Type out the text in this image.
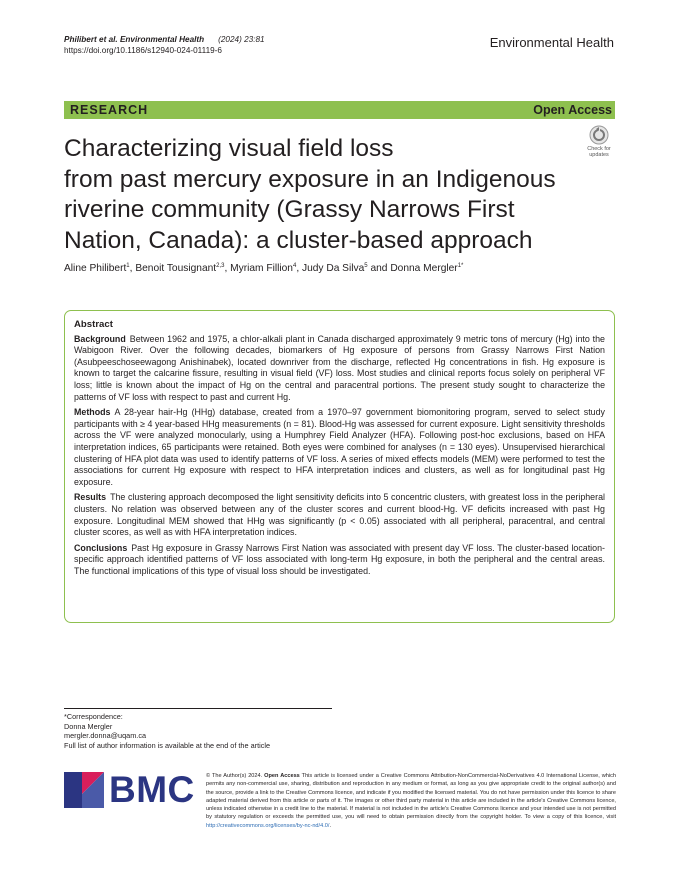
Philibert et al. Environmental Health (2024) 23:81
https://doi.org/10.1186/s12940-024-01119-6
Environmental Health
RESEARCH	Open Access
Characterizing visual field loss
from past mercury exposure in an Indigenous
riverine community (Grassy Narrows First
Nation, Canada): a cluster-based approach
Check for
updates
Aline Philibert$^1$, Benoit Tousignant$^{2,3}$, Myriam Fillion$^4$, Judy Da Silva$^5$ and Donna Mergler$^{1*}$
Abstract

Background Between 1962 and 1975, a chlor-alkali plant in Canada discharged approximately 9 metric tons of mercury (Hg) into the Wabigoon River. Over the following decades, biomarkers of Hg exposure of persons from Grassy Narrows First Nation (Asubpeeschoseewagong Anishinabek), located downriver from the discharge, reflected Hg concentrations in fish. Hg exposure is known to target the calcarine fissure, resulting in visual field (VF) loss. Most studies and clinical reports focus solely on peripheral VF loss; little is known about the impact of Hg on the central and paracentral portions. The present study sought to characterize the patterns of VF loss with respect to past and current Hg.

Methods A 28-year hair-Hg (HHg) database, created from a 1970–97 government biomonitoring program, served to select study participants with ≥ 4 year-based HHg measurements (n = 81). Blood-Hg was assessed for current exposure. Light sensitivity thresholds across the VF were analyzed monocularly, using a Humphrey Field Analyzer (HFA). Following post-hoc exclusions, based on HFA interpretation indices, 65 participants were retained. Both eyes were combined for analyses (n = 130 eyes). Unsupervised hierarchical clustering of HFA plot data was used to identify patterns of VF loss. A series of mixed effects models (MEM) were performed to test the associations for current Hg exposure with respect to HFA interpretation indices and clusters, as well as for longitudinal past Hg exposure.

Results The clustering approach decomposed the light sensitivity deficits into 5 concentric clusters, with greatest loss in the peripheral clusters. No relation was observed between any of the cluster scores and current blood-Hg. VF deficits increased with past Hg exposure. Longitudinal MEM showed that HHg was significantly (p < 0.05) associated with all peripheral, paracentral, and central cluster scores, as well as with HFA interpretation indices.

Conclusions Past Hg exposure in Grassy Narrows First Nation was associated with present day VF loss. The cluster-based location-specific approach identified patterns of VF loss associated with long-term Hg exposure, in both the peripheral and the central areas. The functional implications of this type of visual loss should be investigated.

*Correspondence:
Donna Mergler
mergler.donna@uqam.ca
Full list of author information is available at the end of the article
BMC © The Author(s) 2024. Open Access This article is licensed under a Creative Commons Attribution-NonCommercial-NoDerivatives 4.0 International License, which permits any non-commercial use, sharing, distribution and reproduction in any medium or format, as long as you give appropriate credit to the original author(s) and the source, provide a link to the Creative Commons licence, and indicate if you modified the licensed material. You do not have permission under this licence to share adapted material derived from this article or parts of it. The images or other third party material in this article are included in the article's Creative Commons licence, unless indicated otherwise in a credit line to the material. If material is not included in the article's Creative Commons licence and your intended use is not permitted by statutory regulation or exceeds the permitted use, you will need to obtain permission directly from the copyright holder. To view a copy of this licence, visit http://creativecommons.org/licenses/by-nc-nd/4.0/.
